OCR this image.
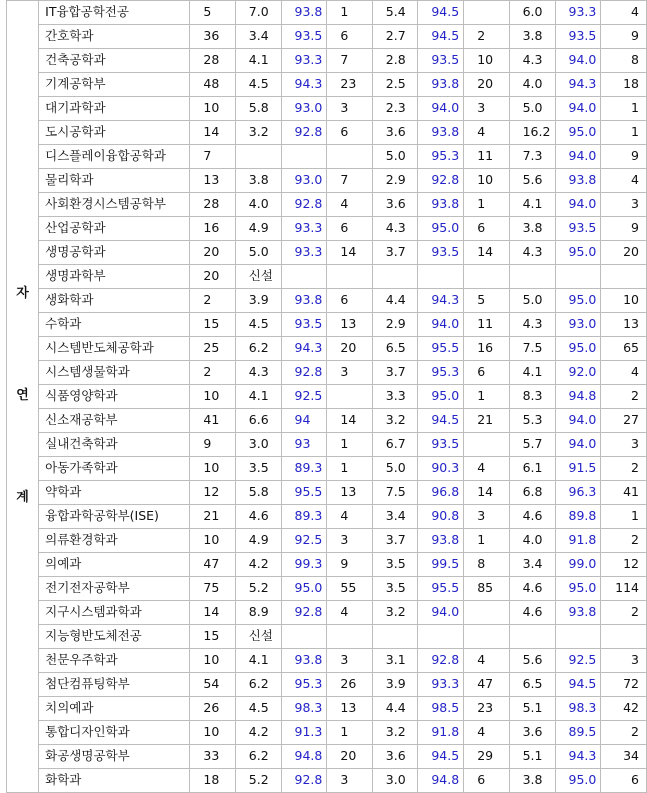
자
연
계	IT융합공학전공	5	7.0	93.8	1	5.4	94.5		6.0	93.3	4
	간호학과	36	3.4	93.5	6	2.7	94.5	2	3.8	93.5	9
	건축공학과	28	4.1	93.3	7	2.8	93.5	10	4.3	94.0	8
	기계공학부	48	4.5	94.3	23	2.5	93.8	20	4.0	94.3	18
	대기과학과	10	5.8	93.0	3	2.3	94.0	3	5.0	94.0	1
	도시공학과	14	3.2	92.8	6	3.6	93.8	4	16.2	95.0	1
	디스플레이융합공학과	7				5.0	95.3	11	7.3	94.0	9
	물리학과	13	3.8	93.0	7	2.9	92.8	10	5.6	93.8	4
	사회환경시스템공학부	28	4.0	92.8	4	3.6	93.8	1	4.1	94.0	3
	산업공학과	16	4.9	93.3	6	4.3	95.0	6	3.8	93.5	9
	생명공학과	20	5.0	93.3	14	3.7	93.5	14	4.3	95.0	20
	생명과학부	20	신설								
	생화학과	2	3.9	93.8	6	4.4	94.3	5	5.0	95.0	10
	수학과	15	4.5	93.5	13	2.9	94.0	11	4.3	93.0	13
	시스템반도체공학과	25	6.2	94.3	20	6.5	95.5	16	7.5	95.0	65
	시스템생물학과	2	4.3	92.8	3	3.7	95.3	6	4.1	92.0	4
	식품영양학과	10	4.1	92.5		3.3	95.0	1	8.3	94.8	2
	신소재공학부	41	6.6	94	14	3.2	94.5	21	5.3	94.0	27
	실내건축학과	9	3.0	93	1	6.7	93.5		5.7	94.0	3
	아동가족학과	10	3.5	89.3	1	5.0	90.3	4	6.1	91.5	2
	약학과	12	5.8	95.5	13	7.5	96.8	14	6.8	96.3	41
	융합과학공학부(ISE)	21	4.6	89.3	4	3.4	90.8	3	4.6	89.8	1
	의류환경학과	10	4.9	92.5	3	3.7	93.8	1	4.0	91.8	2
	의예과	47	4.2	99.3	9	3.5	99.5	8	3.4	99.0	12
	전기전자공학부	75	5.2	95.0	55	3.5	95.5	85	4.6	95.0	114
	지구시스템과학과	14	8.9	92.8	4	3.2	94.0		4.6	93.8	2
	지능형반도체전공	15	신설								
	천문우주학과	10	4.1	93.8	3	3.1	92.8	4	5.6	92.5	3
	첨단컴퓨팅학부	54	6.2	95.3	26	3.9	93.3	47	6.5	94.5	72
	치의예과	26	4.5	98.3	13	4.4	98.5	23	5.1	98.3	42
	통합디자인학과	10	4.2	91.3	1	3.2	91.8	4	3.6	89.5	2
	화공생명공학부	33	6.2	94.8	20	3.6	94.5	29	5.1	94.3	34
	화학과	18	5.2	92.8	3	3.0	94.8	6	3.8	95.0	6
